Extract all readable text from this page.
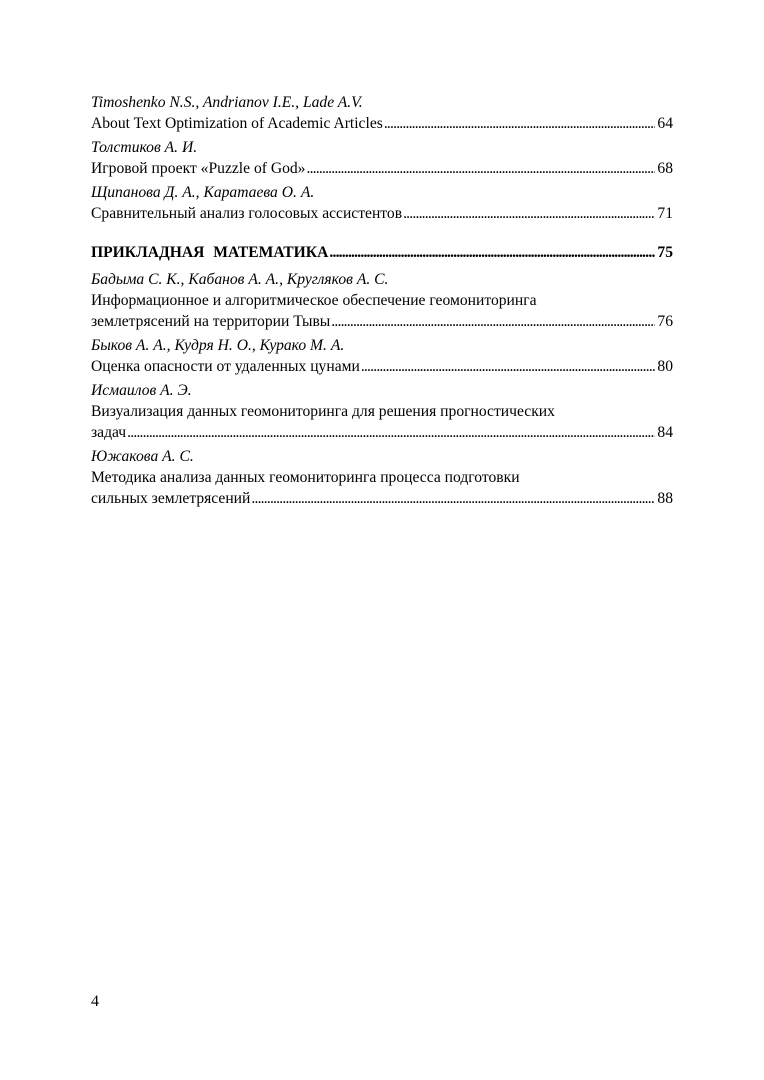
Timoshenko N.S., Andrianov I.E., Lade A.V.
About Text Optimization of Academic Articles . . .	64
Толстиков А. И.
Игровой проект «Puzzle of God» . . .	68
Щипанова Д. А., Каратаева О. А.
Сравнительный анализ голосовых ассистентов . . .	71
ПРИКЛАДНАЯ МАТЕМАТИКА . . .	75
Бадыма С. К., Кабанов А. А., Кругляков А. С.
Информационное и алгоритмическое обеспечение геомониторинга
землетрясений на территории Тывы . . .	76
Быков А. А., Кудря Н. О., Курако М. А.
Оценка опасности от удаленных цунами . . .	80
Исмаилов А. Э.
Визуализация данных геомониторинга для решения прогностических
задач . . .	84
Южакова А. С.
Методика анализа данных геомониторинга процесса подготовки
сильных землетрясений . . .	88
4
